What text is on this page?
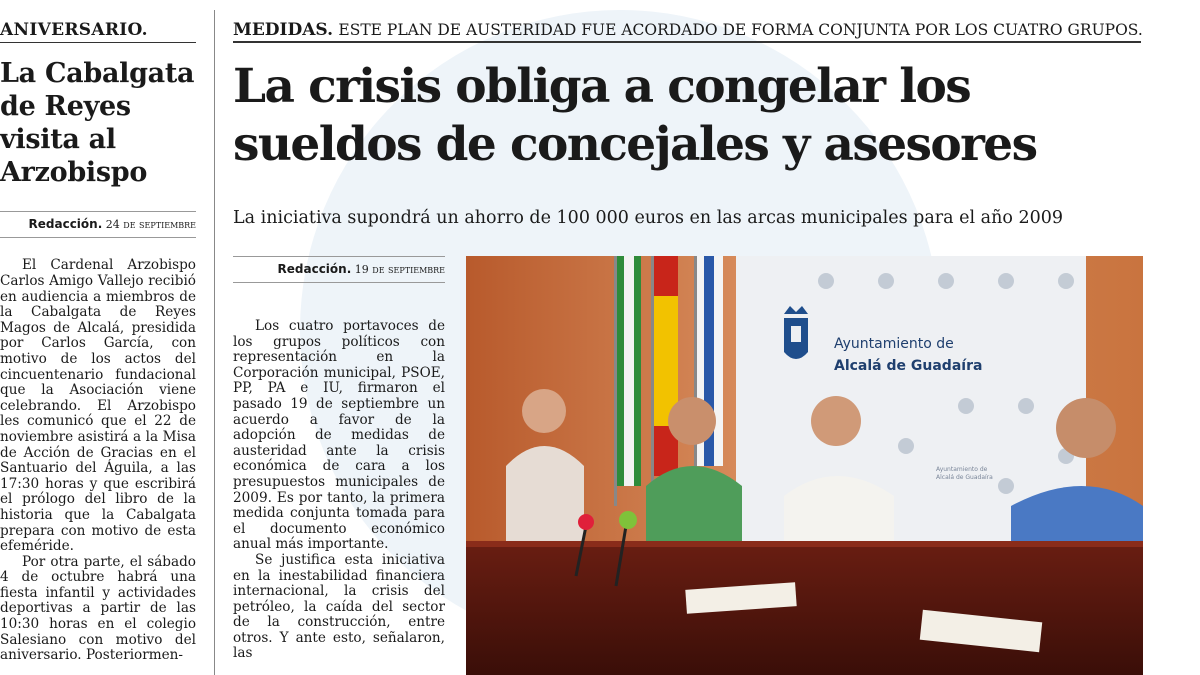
ANIVERSARIO.
La Cabalgata de Reyes visita al Arzobispo
Redacción. 24 de septiembre

El Cardenal Arzobispo Carlos Amigo Vallejo recibió en audiencia a miembros de la Cabalgata de Reyes Magos de Alcalá, presidida por Carlos García, con motivo de los actos del cincuentenario fundacional que la Asociación viene celebrando. El Arzobispo les comunicó que el 22 de noviembre asistirá a la Misa de Acción de Gracias en el Santuario del Águila, a las 17:30 horas y que escribirá el prólogo del libro de la historia que la Cabalgata prepara con motivo de esta efeméride.

Por otra parte, el sábado 4 de octubre habrá una fiesta infantil y actividades deportivas a partir de las 10:30 horas en el colegio Salesiano con motivo del aniversario. Posteriormen-

MEDIDAS. ESTE PLAN DE AUSTERIDAD FUE ACORDADO DE FORMA CONJUNTA POR LOS CUATRO GRUPOS.
La crisis obliga a congelar los sueldos de concejales y asesores
La iniciativa supondrá un ahorro de 100 000 euros en las arcas municipales para el año 2009
Redacción. 19 de septiembre

Los cuatro portavoces de los grupos políticos con representación en la Corporación municipal, PSOE, PP, PA e IU, firmaron el pasado 19 de septiembre un acuerdo a favor de la adopción de medidas de austeridad ante la crisis económica de cara a los presupuestos municipales de 2009. Es por tanto, la primera medida conjunta tomada para el documento económico anual más importante.

Se justifica esta iniciativa en la inestabilidad financiera internacional, la crisis del petróleo, la caída del sector de la construcción, entre otros. Y ante esto, señalaron, las

Ayuntamiento de
Alcalá de Guadaíra
Ayuntamiento de
Alcalá de Guadaíra
